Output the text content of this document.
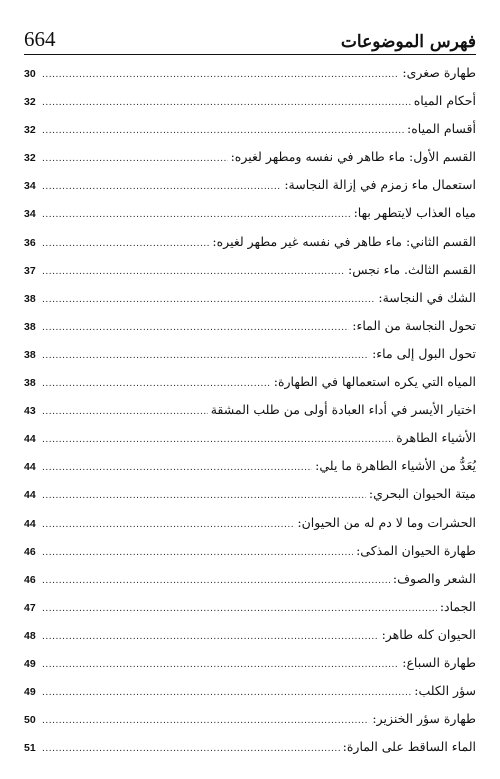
664	فهرس الموضوعات
30 .....	طهارة صغرى:
32 .....	أحكام المياه
32 .....	أقسام المياه:
32 .....	القسم الأول: ماء طاهر في نفسه ومطهر لغيره:
34 .....	استعمال ماء زمزم في إزالة النجاسة:
34 .....	مياه العذاب لايتطهر بها:
36 .....	القسم الثاني: ماء طاهر في نفسه غير مطهر لغيره:
37 .....	القسم الثالث. ماء نجس:
38 .....	الشك في النجاسة:
38 .....	تحول النجاسة من الماء:
38 .....	تحول البول إلى ماء:
38 .....	المياه التي يكره استعمالها في الطهارة:
43 .....	اختيار الأيسر في أداء العبادة أولى من طلب المشقة
44 .....	الأشياء الطاهرة
44 .....	يُعَدُّ من الأشياء الطاهرة ما يلي:
44 .....	ميتة الحيوان البحري:
44 .....	الحشرات وما لا دم له من الحيوان:
46 .....	طهارة الحيوان المذكى:
46 .....	الشعر والصوف:
47 .....	الجماد:
48 .....	الحيوان كله طاهر:
49 .....	طهارة السباع:
49 .....	سؤر الكلب:
50 .....	طهارة سؤر الخنزير:
51 .....	الماء الساقط على المارة:
